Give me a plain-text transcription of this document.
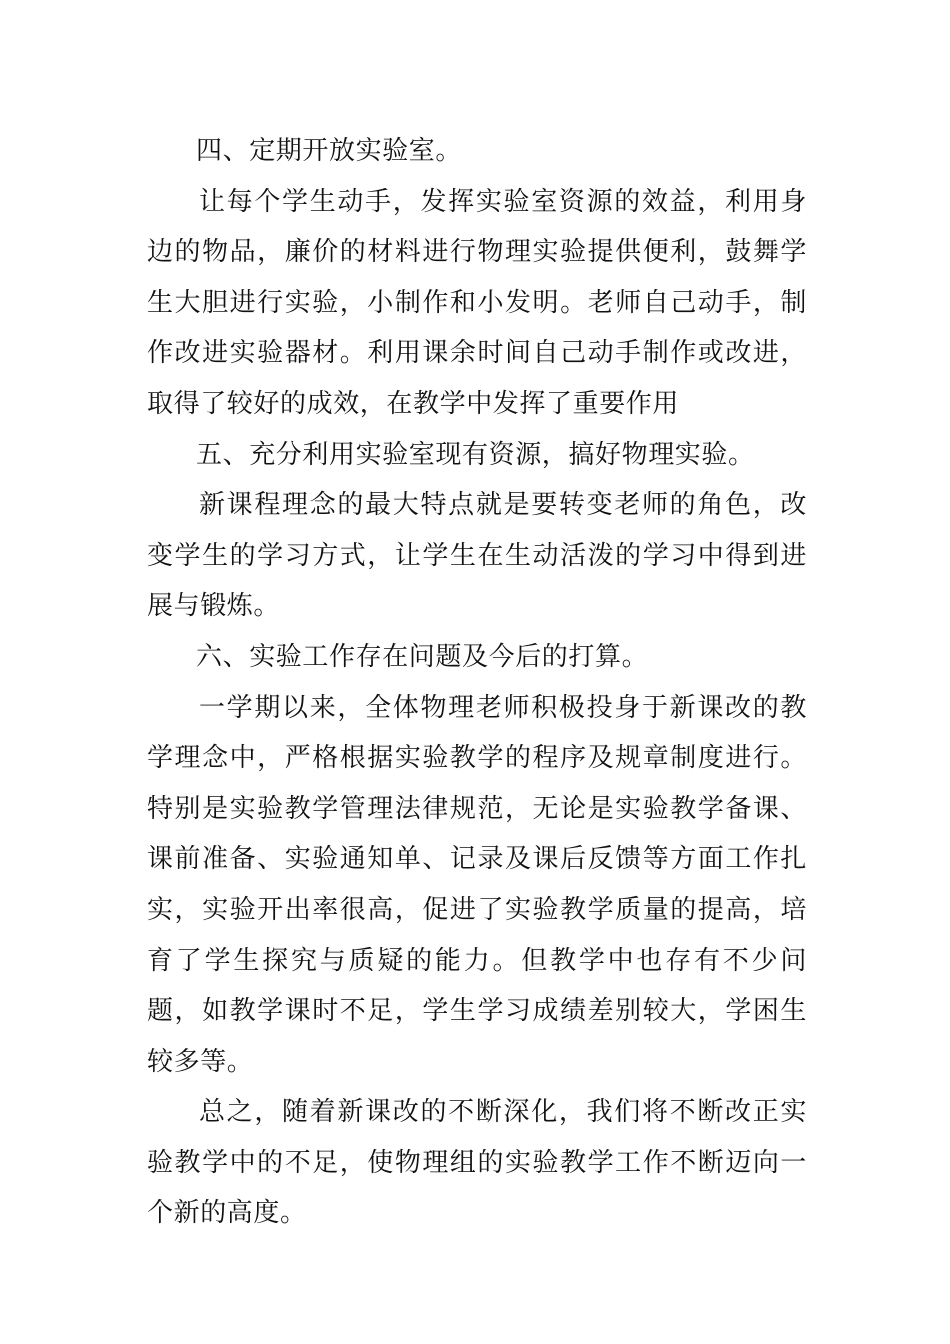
四、定期开放实验室。

让每个学生动手，发挥实验室资源的效益，利用身边的物品，廉价的材料进行物理实验提供便利，鼓舞学生大胆进行实验，小制作和小发明。老师自己动手，制作改进实验器材。利用课余时间自己动手制作或改进，取得了较好的成效，在教学中发挥了重要作用

五、充分利用实验室现有资源，搞好物理实验。

新课程理念的最大特点就是要转变老师的角色，改变学生的学习方式，让学生在生动活泼的学习中得到进展与锻炼。

六、实验工作存在问题及今后的打算。

一学期以来，全体物理老师积极投身于新课改的教学理念中，严格根据实验教学的程序及规章制度进行。特别是实验教学管理法律规范，无论是实验教学备课、课前准备、实验通知单、记录及课后反馈等方面工作扎实，实验开出率很高，促进了实验教学质量的提高，培育了学生探究与质疑的能力。但教学中也存有不少问题，如教学课时不足，学生学习成绩差别较大，学困生较多等。

总之，随着新课改的不断深化，我们将不断改正实验教学中的不足，使物理组的实验教学工作不断迈向一个新的高度。
